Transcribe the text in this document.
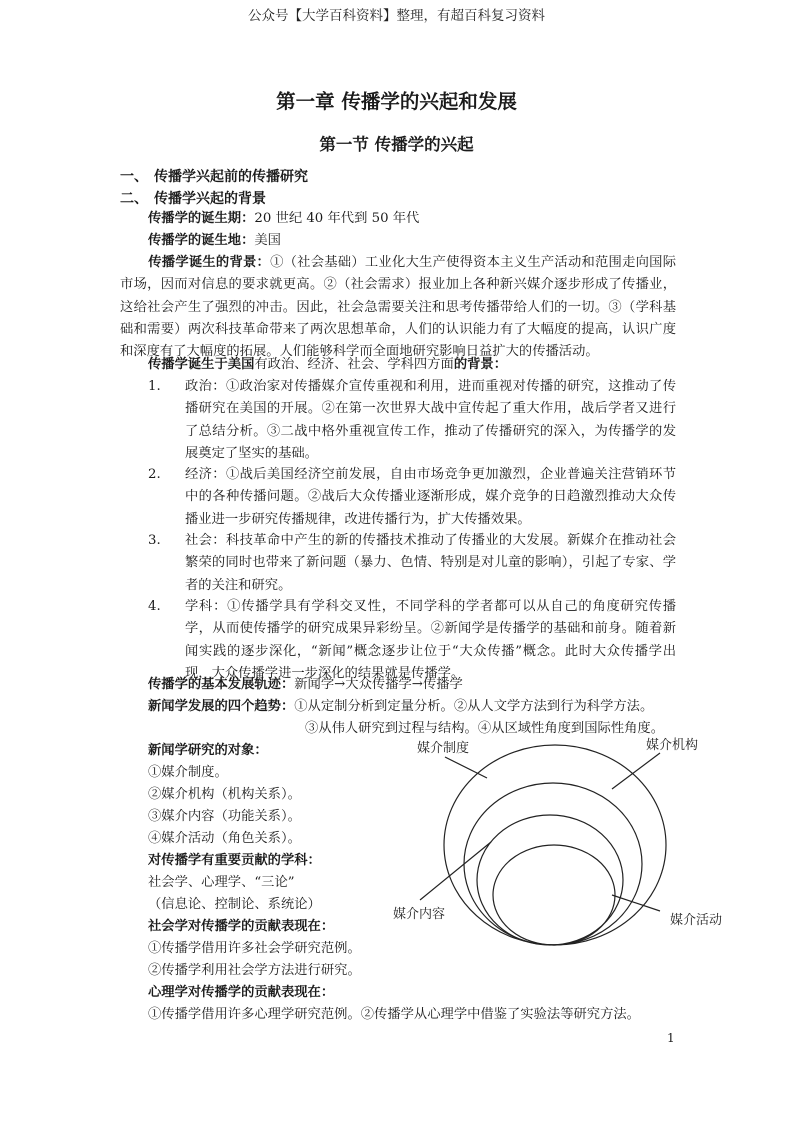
公众号【大学百科资料】整理，有超百科复习资料
第一章 传播学的兴起和发展
第一节 传播学的兴起
一、 传播学兴起前的传播研究
二、 传播学兴起的背景
传播学的诞生期：20 世纪 40 年代到 50 年代
传播学的诞生地：美国
传播学诞生的背景：①（社会基础）工业化大生产使得资本主义生产活动和范围走向国际市场，因而对信息的要求就更高。②（社会需求）报业加上各种新兴媒介逐步形成了传播业，这给社会产生了强烈的冲击。因此，社会急需要关注和思考传播带给人们的一切。③（学科基础和需要）两次科技革命带来了两次思想革命，人们的认识能力有了大幅度的提高，认识广度和深度有了大幅度的拓展。人们能够科学而全面地研究影响日益扩大的传播活动。
传播学诞生于美国有政治、经济、社会、学科四方面的背景：
1. 政治：①政治家对传播媒介宣传重视和利用，进而重视对传播的研究，这推动了传播研究在美国的开展。②在第一次世界大战中宣传起了重大作用，战后学者又进行了总结分析。③二战中格外重视宣传工作，推动了传播研究的深入，为传播学的发展奠定了坚实的基础。
2. 经济：①战后美国经济空前发展，自由市场竞争更加激烈，企业普遍关注营销环节中的各种传播问题。②战后大众传播业逐渐形成，媒介竞争的日趋激烈推动大众传播业进一步研究传播规律，改进传播行为，扩大传播效果。
3. 社会：科技革命中产生的新的传播技术推动了传播业的大发展。新媒介在推动社会繁荣的同时也带来了新问题（暴力、色情、特别是对儿童的影响），引起了专家、学者的关注和研究。
4. 学科：①传播学具有学科交叉性，不同学科的学者都可以从自己的角度研究传播学，从而使传播学的研究成果异彩纷呈。②新闻学是传播学的基础和前身。随着新闻实践的逐步深化，“新闻”概念逐步让位于“大众传播”概念。此时大众传播学出现，大众传播学进一步深化的结果就是传播学。
传播学的基本发展轨迹：新闻学→大众传播学→传播学
新闻学发展的四个趋势：①从定制分析到定量分析。②从人文学方法到行为科学方法。
③从伟人研究到过程与结构。④从区域性角度到国际性角度。
新闻学研究的对象：
①媒介制度。
②媒介机构（机构关系）。
③媒介内容（功能关系）。
④媒介活动（角色关系）。
对传播学有重要贡献的学科：
社会学、心理学、“三论”
（信息论、控制论、系统论）
社会学对传播学的贡献表现在：
①传播学借用许多社会学研究范例。
②传播学利用社会学方法进行研究。
心理学对传播学的贡献表现在：
①传播学借用许多心理学研究范例。②传播学从心理学中借鉴了实验法等研究方法。
媒介制度	媒介机构
媒介内容	媒介活动
1
